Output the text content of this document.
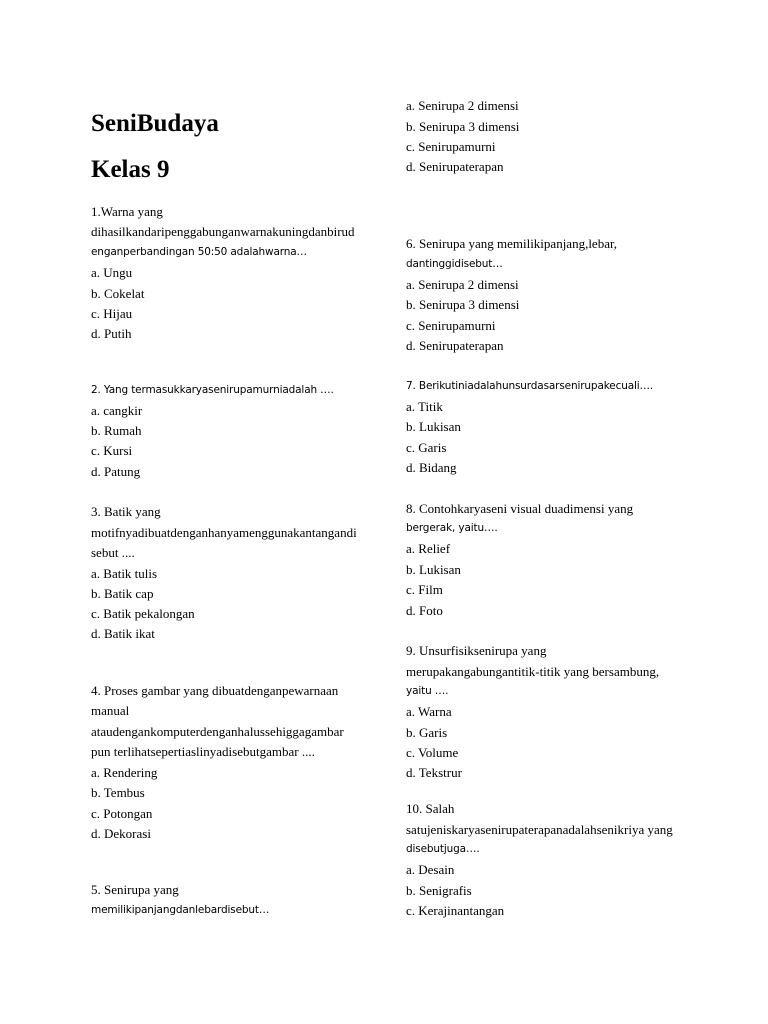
SeniBudaya
Kelas 9
1.Warna yang
dihasilkandaripenggabunganwarnakuningdanbirud
enganperbandingan 50:50 adalahwarna…
a. Ungu
b. Cokelat
c. Hijau
d. Putih
2. Yang termasukkaryasenirupamurniadalah ….
a. cangkir
b. Rumah
c. Kursi
d. Patung
3. Batik yang
motifnyadibuatdenganhanyamenggunakantangandi
sebut ....
a. Batik tulis
b. Batik cap
c. Batik pekalongan
d. Batik ikat
4. Proses gambar yang dibuatdenganpewarnaan
manual
ataudengankomputerdenganhalussehiggagambar
pun terlihatsepertiaslinyadisebutgambar ....
a. Rendering
b. Tembus
c. Potongan
d. Dekorasi
5. Senirupa yang
memilikipanjangdanlebardisebut…
a. Senirupa 2 dimensi
b. Senirupa 3 dimensi
c. Senirupamurni
d. Senirupaterapan
6. Senirupa yang memilikipanjang,lebar,
dantinggidisebut…
a. Senirupa 2 dimensi
b. Senirupa 3 dimensi
c. Senirupamurni
d. Senirupaterapan
7. Berikutiniadalahunsurdasarsenirupakecuali….
a. Titik
b. Lukisan
c. Garis
d. Bidang
8. Contohkaryaseni visual duadimensi yang
bergerak, yaitu….
a. Relief
b. Lukisan
c. Film
d. Foto
9. Unsurfisiksenirupa yang
merupakangabungantitik-titik yang bersambung,
yaitu ….
a. Warna
b. Garis
c. Volume
d. Tekstrur
10. Salah
satujeniskaryasenirupaterapanadalahsenikriya yang
disebutjuga….
a. Desain
b. Senigrafis
c. Kerajinantangan
